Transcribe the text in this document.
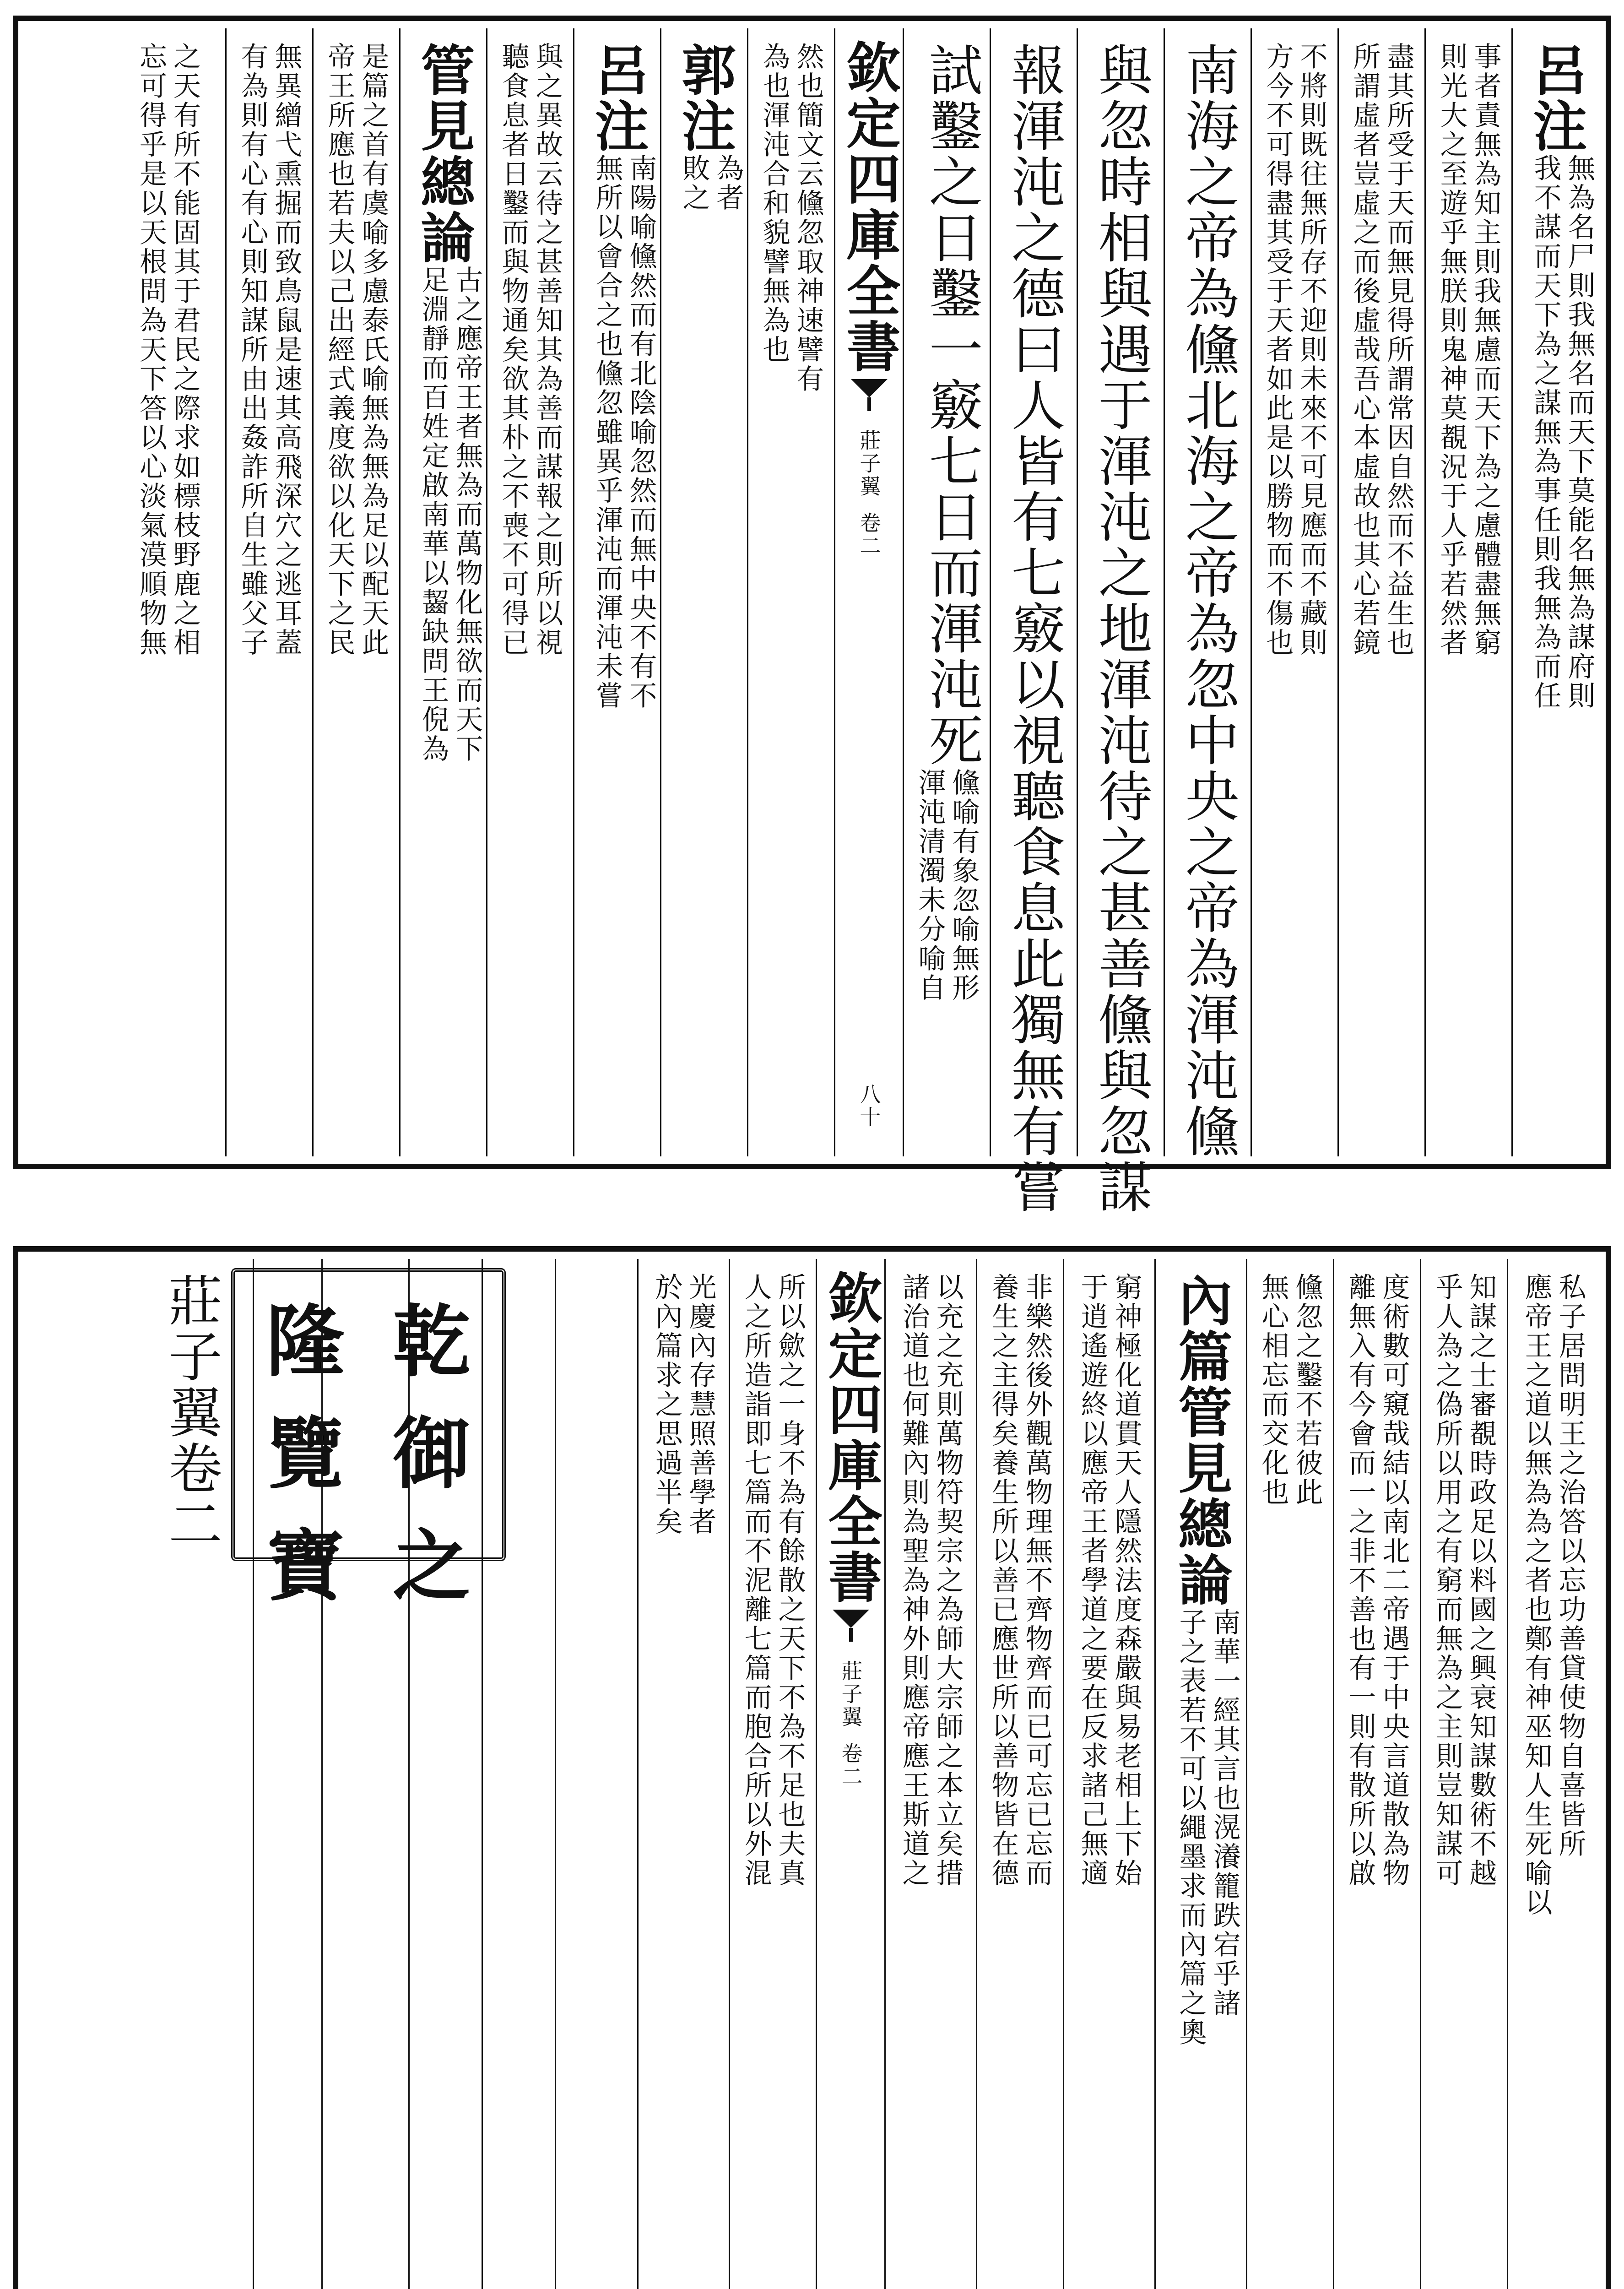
呂注
無為名尸則我無名而天下莫能名無為謀府則
我不謀而天下為之謀無為事任則我無為而任
事者責無為知主則我無慮而天下為之慮體盡無窮
則光大之至遊乎無朕則鬼神莫覩況于人乎若然者
盡其所受于天而無見得所謂常因自然而不益生也
所謂虛者豈虛之而後虛哉吾心本虛故也其心若鏡
不將則既往無所存不迎則未來不可見應而不藏則
方今不可得盡其受于天者如此是以勝物而不傷也
南海之帝為儵北海之帝為忽中央之帝為渾沌儵
與忽時相與遇于渾沌之地渾沌待之甚善儵與忽謀
報渾沌之德曰人皆有七竅以視聽食息此獨無有嘗
試鑿之日鑿一竅七日而渾沌死
儵喻有象忽喻無形
渾沌清濁未分喻自
欽定四庫全書
莊子翼
卷二
八十
然也簡文云儵忽取神速譬有
為也渾沌合和貌譬無為也
郭注
為者
敗之
呂注
南陽喻儵然而有北陰喻忽然而無中央不有不
無所以會合之也儵忽雖異乎渾沌而渾沌未嘗
與之異故云待之甚善知其為善而謀報之則所以視
聽食息者日鑿而與物通矣欲其朴之不喪不可得已
管見總論
古之應帝王者無為而萬物化無欲而天下
足淵靜而百姓定啟南華以齧缺問王倪為
是篇之首有虞喻多慮泰氏喻無為無為足以配天此
帝王所應也若夫以己出經式義度欲以化天下之民
無異繒弋熏掘而致鳥鼠是速其高飛深穴之逃耳蓋
有為則有心有心則知謀所由出姦詐所自生雖父子
之天有所不能固其于君民之際求如標枝野鹿之相
忘可得乎是以天根問為天下答以心淡氣漠順物無
私子居問明王之治答以忘功善貸使物自喜皆所
應帝王之道以無為為之者也鄭有神巫知人生死喻以
知謀之士審覩時政足以料國之興衰知謀數術不越
乎人為之偽所以用之有窮而無為之主則豈知謀可
度術數可窺哉結以南北二帝遇于中央言道散為物
離無入有今會而一之非不善也有一則有散所以啟
儵忽之鑿不若彼此
無心相忘而交化也
內篇管見總論
南華一經其言也滉瀁籠跌宕乎諸
子之表若不可以繩墨求而內篇之奧
窮神極化道貫天人隱然法度森嚴與易老相上下始
于逍遙遊終以應帝王者學道之要在反求諸己無適
非樂然後外觀萬物理無不齊物齊而已可忘已忘而
養生之主得矣養生所以善已應世所以善物皆在德
以充之充則萬物符契宗之為師大宗師之本立矣措
諸治道也何難內則為聖為神外則應帝應王斯道之
欽定四庫全書
莊子翼
卷二
所以歛之一身不為有餘散之天下不為不足也夫真
人之所造詣即七篇而不泥離七篇而胞合所以外混
光慶內存慧照善學者
於內篇求之思過半矣
隆 乾
覽 御
寶 之
莊子翼卷二
